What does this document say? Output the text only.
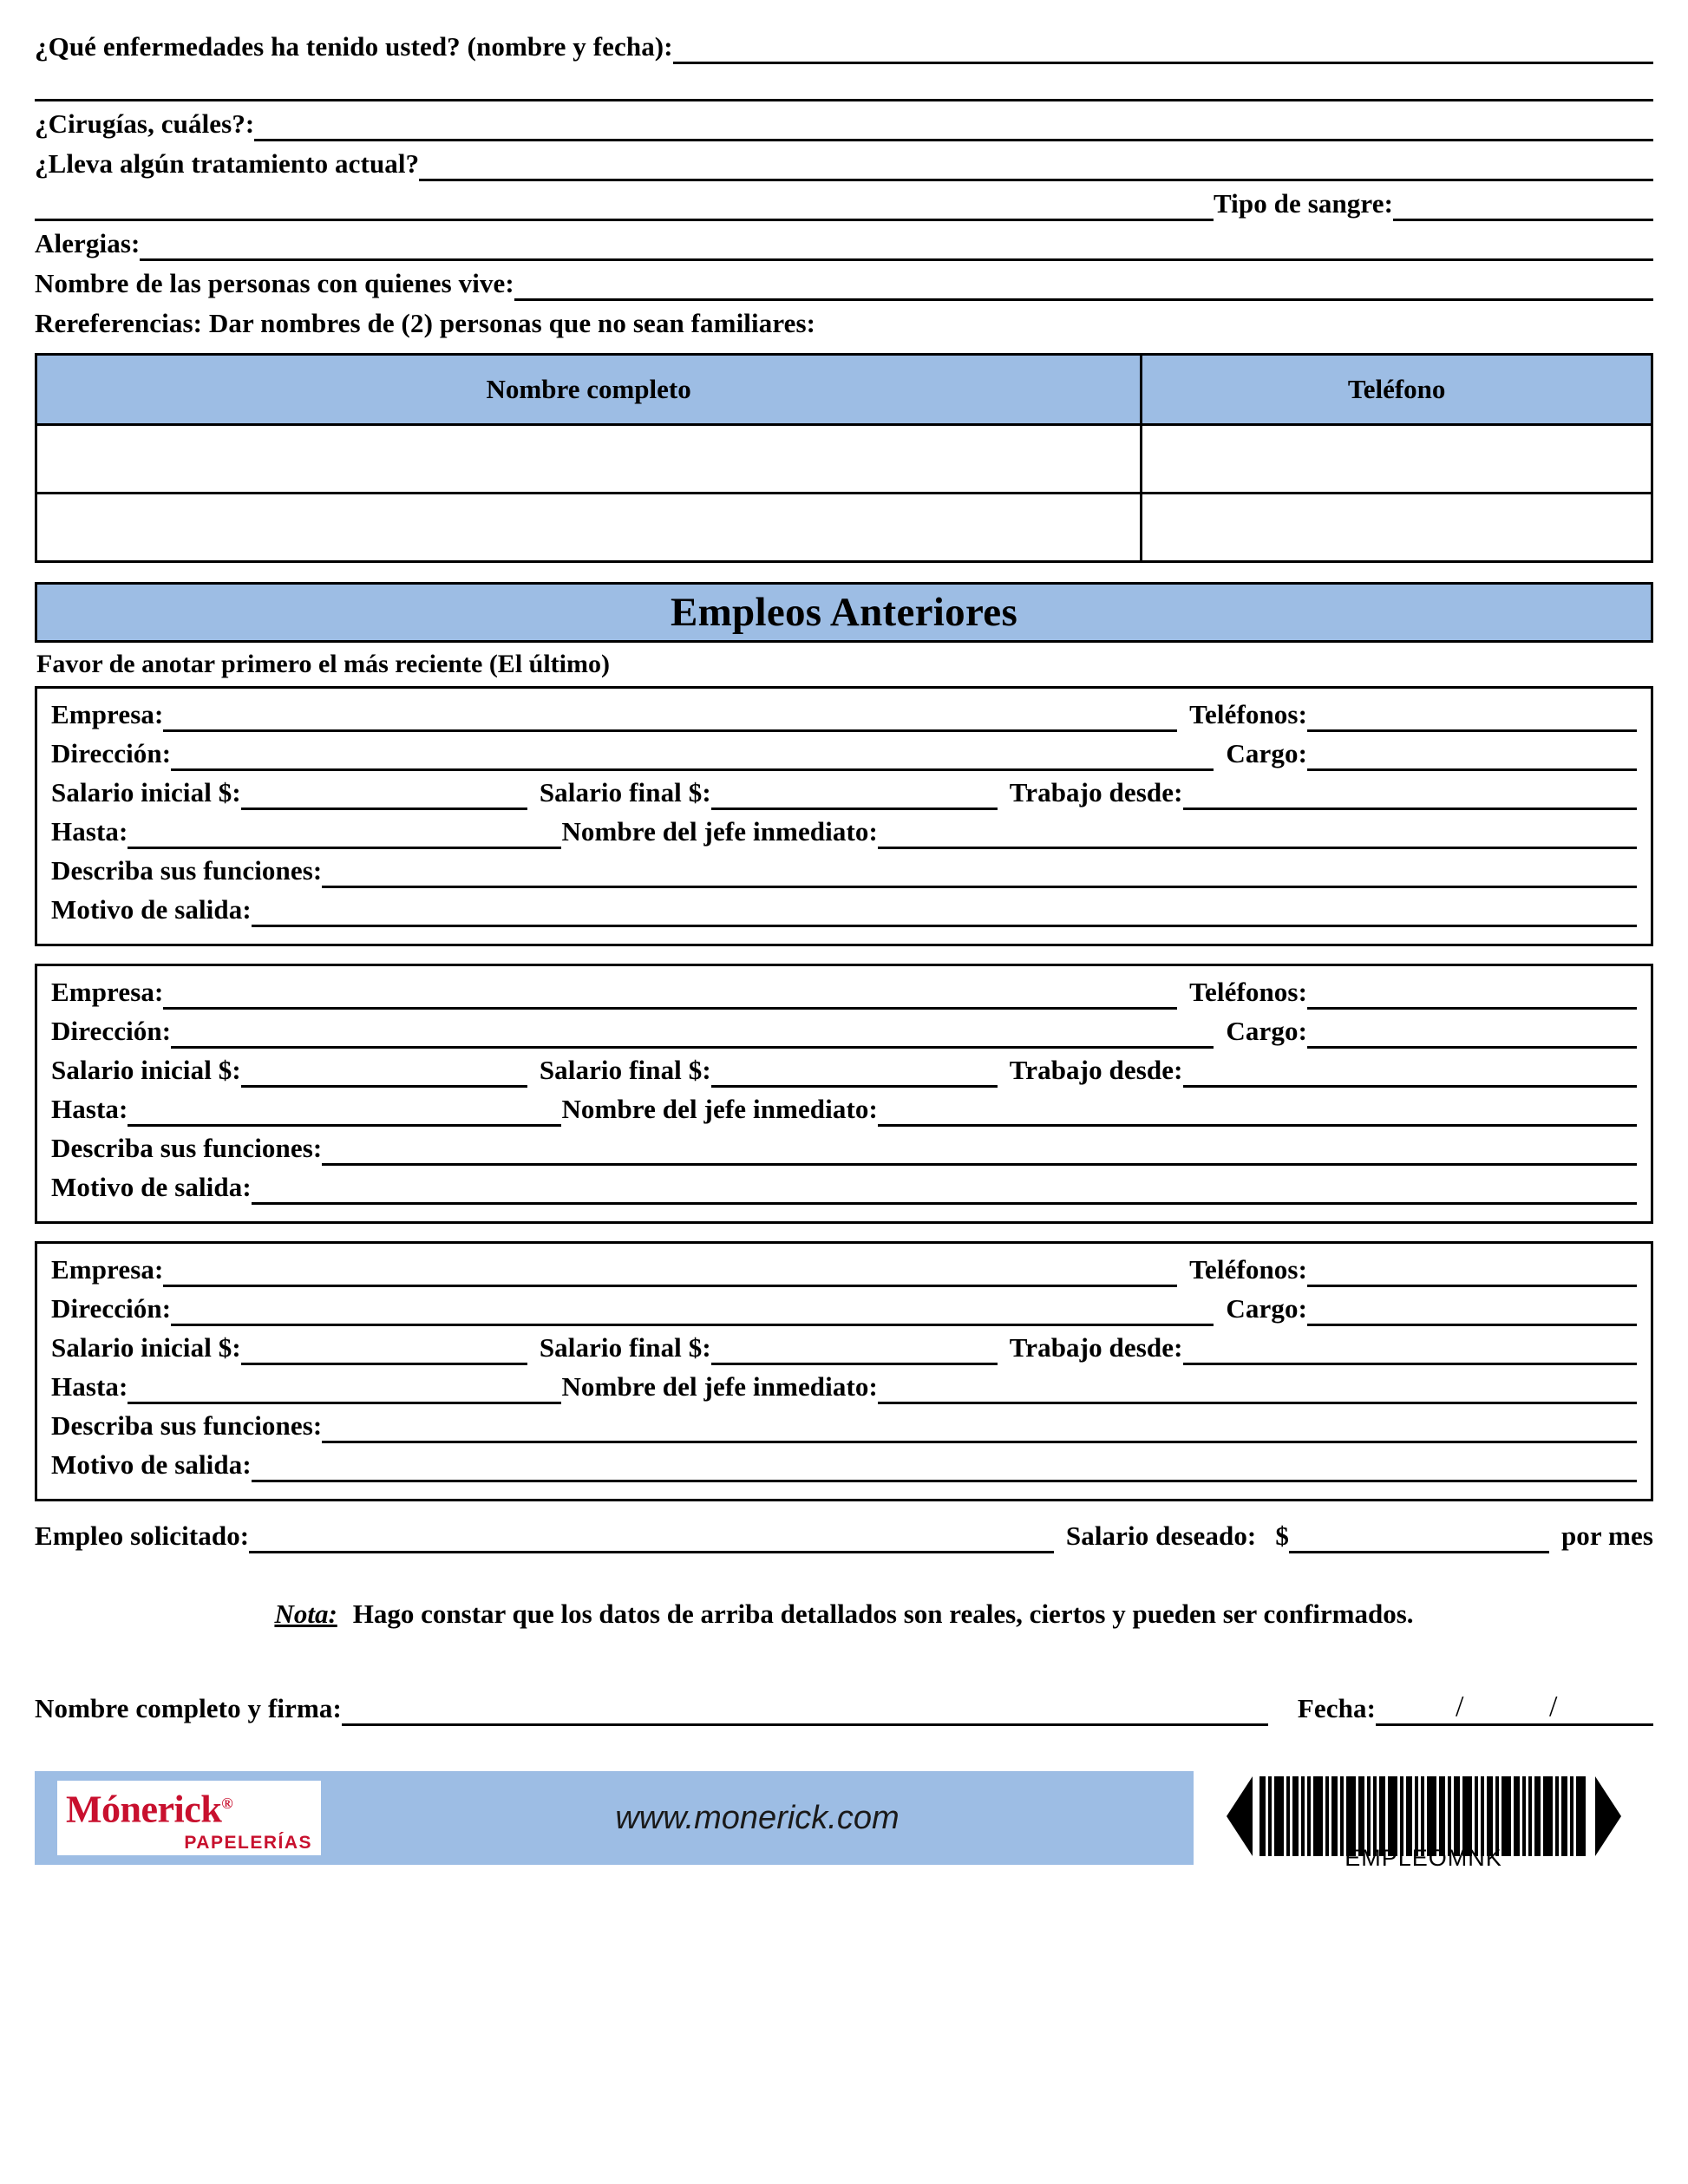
¿Qué enfermedades ha tenido usted? (nombre y fecha):
¿Cirugías, cuáles?:
¿Lleva algún tratamiento actual?
Tipo de sangre:
Alergias:
Nombre de las personas con quienes vive:
Rereferencias: Dar nombres de (2) personas que no sean familiares:
Nombre completo	Teléfono

Empleos Anteriores
Favor de anotar primero el más reciente (El último)
Empresa:	Teléfonos:
Dirección:	Cargo:
Salario inicial $:	Salario final $:	Trabajo desde:
Hasta:	Nombre del jefe inmediato:
Describa sus funciones:
Motivo de salida:
Empresa:	Teléfonos:
Dirección:	Cargo:
Salario inicial $:	Salario final $:	Trabajo desde:
Hasta:	Nombre del jefe inmediato:
Describa sus funciones:
Motivo de salida:
Empresa:	Teléfonos:
Dirección:	Cargo:
Salario inicial $:	Salario final $:	Trabajo desde:
Hasta:	Nombre del jefe inmediato:
Describa sus funciones:
Motivo de salida:
Empleo solicitado:	Salario deseado: $	por mes
Nota: Hago constar que los datos de arriba detallados son reales, ciertos y pueden ser confirmados.
Nombre completo y firma:	Fecha:	/	/
Mónerick®
PAPELERÍAS
www.monerick.com
EMPLEOMNK
